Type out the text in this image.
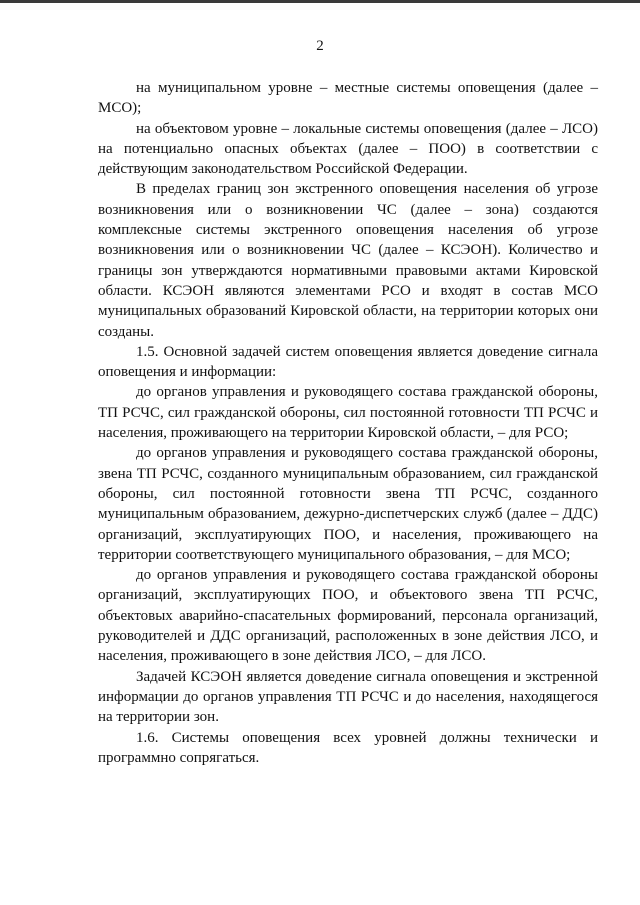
2

на муниципальном уровне – местные системы оповещения (далее – МСО);

на объектовом уровне – локальные системы оповещения (далее – ЛСО) на потенциально опасных объектах (далее – ПОО) в соответствии с действующим законодательством Российской Федерации.

В пределах границ зон экстренного оповещения населения об угрозе возникновения или о возникновении ЧС (далее – зона) создаются комплексные системы экстренного оповещения населения об угрозе возникновения или о возникновении ЧС (далее – КСЭОН). Количество и границы зон утверждаются нормативными правовыми актами Кировской области. КСЭОН являются элементами РСО и входят в состав МСО муниципальных образований Кировской области, на территории которых они созданы.

1.5. Основной задачей систем оповещения является доведение сигнала оповещения и информации:

до органов управления и руководящего состава гражданской обороны, ТП РСЧС, сил гражданской обороны, сил постоянной готовности ТП РСЧС и населения, проживающего на территории Кировской области, – для РСО;

до органов управления и руководящего состава гражданской обороны, звена ТП РСЧС, созданного муниципальным образованием, сил гражданской обороны, сил постоянной готовности звена ТП РСЧС, созданного муниципальным образованием, дежурно-диспетчерских служб (далее – ДДС) организаций, эксплуатирующих ПОО, и населения, проживающего на территории соответствующего муниципального образования, – для МСО;

до органов управления и руководящего состава гражданской обороны организаций, эксплуатирующих ПОО, и объектового звена ТП РСЧС, объектовых аварийно-спасательных формирований, персонала организаций, руководителей и ДДС организаций, расположенных в зоне действия ЛСО, и населения, проживающего в зоне действия ЛСО, – для ЛСО.

Задачей КСЭОН является доведение сигнала оповещения и экстренной информации до органов управления ТП РСЧС и до населения, находящегося на территории зон.

1.6. Системы оповещения всех уровней должны технически и программно сопрягаться.
